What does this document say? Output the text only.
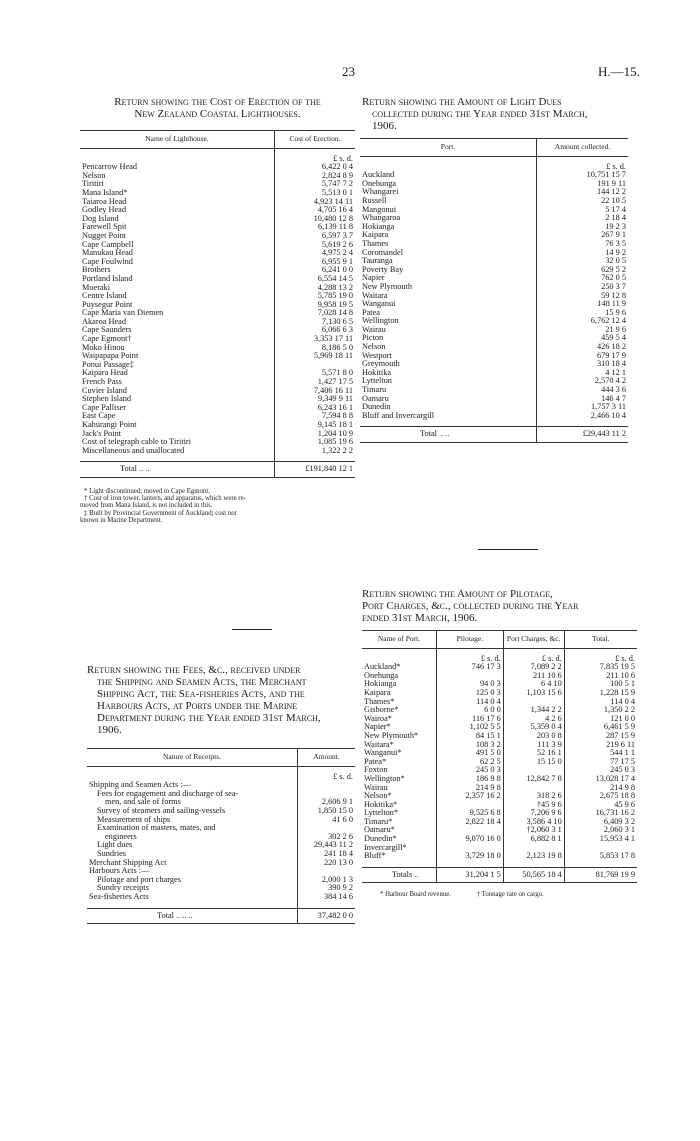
23	H.—15.
Return showing the Cost of Erection of the
New Zealand Coastal Lighthouses.
Name of Lighthouse.	Cost of Erection.
	£ s. d.
Pencarrow Head	6,422 0 4
Nelson	2,824 8 9
Tiritiri	5,747 7 2
Mana Island*	5,513 0 1
Taiaroa Head	4,923 14 11
Godley Head	4,705 16 4
Dog Island	10,480 12 8
Farewell Spit	6,139 11 8
Nugget Point	6,597 3 7
Cape Campbell	5,619 2 6
Manukau Head	4,975 2 4
Cape Foulwind	6,955 9 1
Brothers	6,241 0 0
Portland Island	6,554 14 5
Moeraki	4,288 13 2
Centre Island	5,785 19 0
Puysegur Point	9,958 19 5
Cape Maria van Diemen	7,028 14 8
Akaroa Head	7,130 6 5
Cape Saunders	6,066 6 3
Cape Egmont†	3,353 17 11
Moko Hinou	8,186 5 0
Waipapapa Point	5,969 18 11
Ponui Passage‡	
Kaipara Head	5,571 8 0
French Pass	1,427 17 5
Cuvier Island	7,406 16 11
Stephen Island	9,349 9 11
Cape Palliser	6,243 16 1
East Cape	7,594 8 8
Kahurangi Point	9,145 18 1
Jack's Point	1,204 10 9
Cost of telegraph cable to Tiritiri	1,085 19 6
Miscellaneous and unallocated	1,322 2 2

Total .. ..	£191,840 12 1
* Light discontinued; moved to Cape Egmont.
† Cost of iron tower, lantern, and apparatus, which were re-
moved from Mana Island, is not included in this.
‡ Built by Provincial Government of Auckland; cost not
known in Marine Department.
Return showing the Amount of Light Dues
collected during the Year ended 31st March,
1906.
Port.	Amount collected.
	£ s. d.
Auckland	10,751 15 7
Onehunga	191 9 11
Whangarei	144 12 2
Russell	22 10 5
Mangonui	5 17 4
Whangaroa	2 18 4
Hokianga	19 2 3
Kaipara	267 9 1
Thames	76 3 5
Coromandel	14 9 2
Tauranga	32 0 5
Poverty Bay	629 5 2
Napier	762 0 5
New Plymouth	250 3 7
Waitara	59 12 8
Wanganui	148 11 9
Patea	15 9 6
Wellington	6,762 12 4
Wairau	21 9 6
Picton	459 5 4
Nelson	426 18 2
Westport	679 17 9
Greymouth	310 18 4
Hokitika	4 12 1
Lyttelton	2,570 4 2
Timaru	444 3 6
Oamaru	146 4 7
Dunedin	1,757 3 11
Bluff and Invercargill	2,466 10 4

Total .. ..	£29,443 11 2
Return showing the Amount of Pilotage,
Port Charges, &c., collected during the Year
ended 31st March, 1906.
Name of Port.	Pilotage.	Port Charges, &c.	Total.
	£ s. d.	£ s. d.	£ s. d.
Auckland*	746 17 3	7,089 2 2	7,835 19 5
Onehunga		211 10 6	211 10 6
Hokianga	94 0 3	6 4 10	100 5 1
Kaipara	125 0 3	1,103 15 6	1,228 15 9
Thames*	114 0 4		114 0 4
Gisborne*	6 0 0	1,344 2 2	1,350 2 2
Wairoa*	116 17 6	4 2 6	121 0 0
Napier*	1,102 5 5	5,359 0 4	6,461 5 9
New Plymouth*	84 15 1	203 0 8	287 15 9
Waitara*	108 3 2	111 3 9	219 6 11
Wanganui*	491 5 0	52 16 1	544 1 1
Patea*	62 2 5	15 15 0	77 17 5
Foxton	245 0 3		245 0 3
Wellington*	186 9 8	12,842 7 8	13,028 17 4
Wairau	214 9 8		214 9 8
Nelson*	2,357 16 2	318 2 6	2,675 18 8
Hokitika*		†45 9 6	45 9 6
Lyttelton*	9,525 6 8	7,206 9 6	16,731 16 2
Timaru*	2,822 18 4	3,586 4 10	6,409 3 2
Oamaru*		†2,060 3 1	2,060 3 1
Dunedin*	9,070 16 0	6,882 8 1	15,953 4 1
Invercargill*			
Bluff*	3,729 18 0	2,123 19 8	5,853 17 8

Totals ..	31,204 1 5	50,565 18 4	81,769 19 9
* Harbour Board revenue.	† Tonnage rate on cargo.
Return showing the Fees, &c., received under
the Shipping and Seamen Acts, the Merchant
Shipping Act, the Sea-fisheries Acts, and the
Harbours Acts, at Ports under the Marine
Department during the Year ended 31st March,
1906.
Nature of Receipts.	Amount.
	£ s. d.
Shipping and Seamen Acts :—	
Fees for engagement and discharge of sea-	
men, and sale of forms	2,606 9 1
Survey of steamers and sailing-vessels	1,850 15 0
Measurement of ships	41 6 0
Examination of masters, mates, and	
engineers	302 2 6
Light dues	29,443 11 2
Sundries	241 18 4
Merchant Shipping Act	220 13 0
Harbours Acts :—	
Pilotage and port charges	2,000 1 3
Sundry receipts	390 9 2
Sea-fisheries Acts	384 14 6

Total .. .. ..	37,482 0 0
